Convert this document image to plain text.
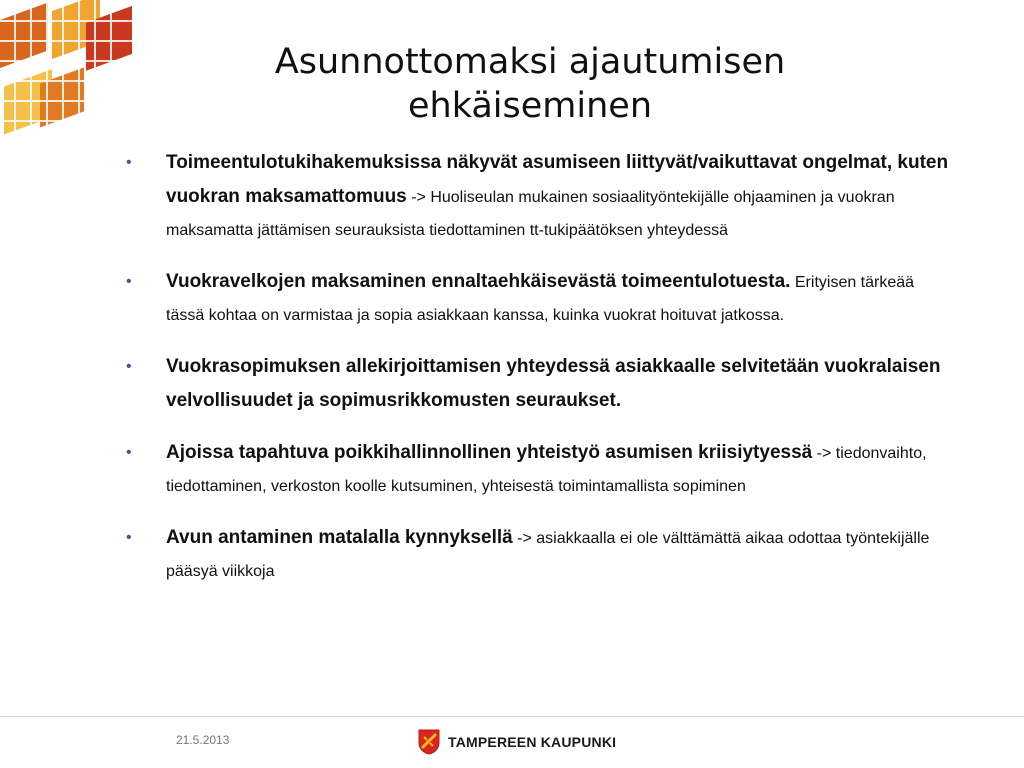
Asunnottomaksi ajautumisen
ehkäiseminen
• Toimeentulotukihakemuksissa näkyvät asumiseen liittyvät/vaikuttavat ongelmat, kuten vuokran maksamattomuus -> Huoliseulan mukainen sosiaalityöntekijälle ohjaaminen ja vuokran maksamatta jättämisen seurauksista tiedottaminen tt-tukipäätöksen yhteydessä
• Vuokravelkojen maksaminen ennaltaehkäisevästä toimeentulotuesta. Erityisen tärkeää tässä kohtaa on varmistaa ja sopia asiakkaan kanssa, kuinka vuokrat hoituvat jatkossa.
• Vuokrasopimuksen allekirjoittamisen yhteydessä asiakkaalle selvitetään vuokralaisen velvollisuudet ja sopimusrikkomusten seuraukset.
• Ajoissa tapahtuva poikkihallinnollinen yhteistyö asumisen kriisiytyessä -> tiedonvaihto, tiedottaminen, verkoston koolle kutsuminen, yhteisestä toimintamallista sopiminen
• Avun antaminen matalalla kynnyksellä -> asiakkaalla ei ole välttämättä aikaa odottaa työntekijälle pääsyä viikkoja
21.5.2013	TAMPEREEN KAUPUNKI
